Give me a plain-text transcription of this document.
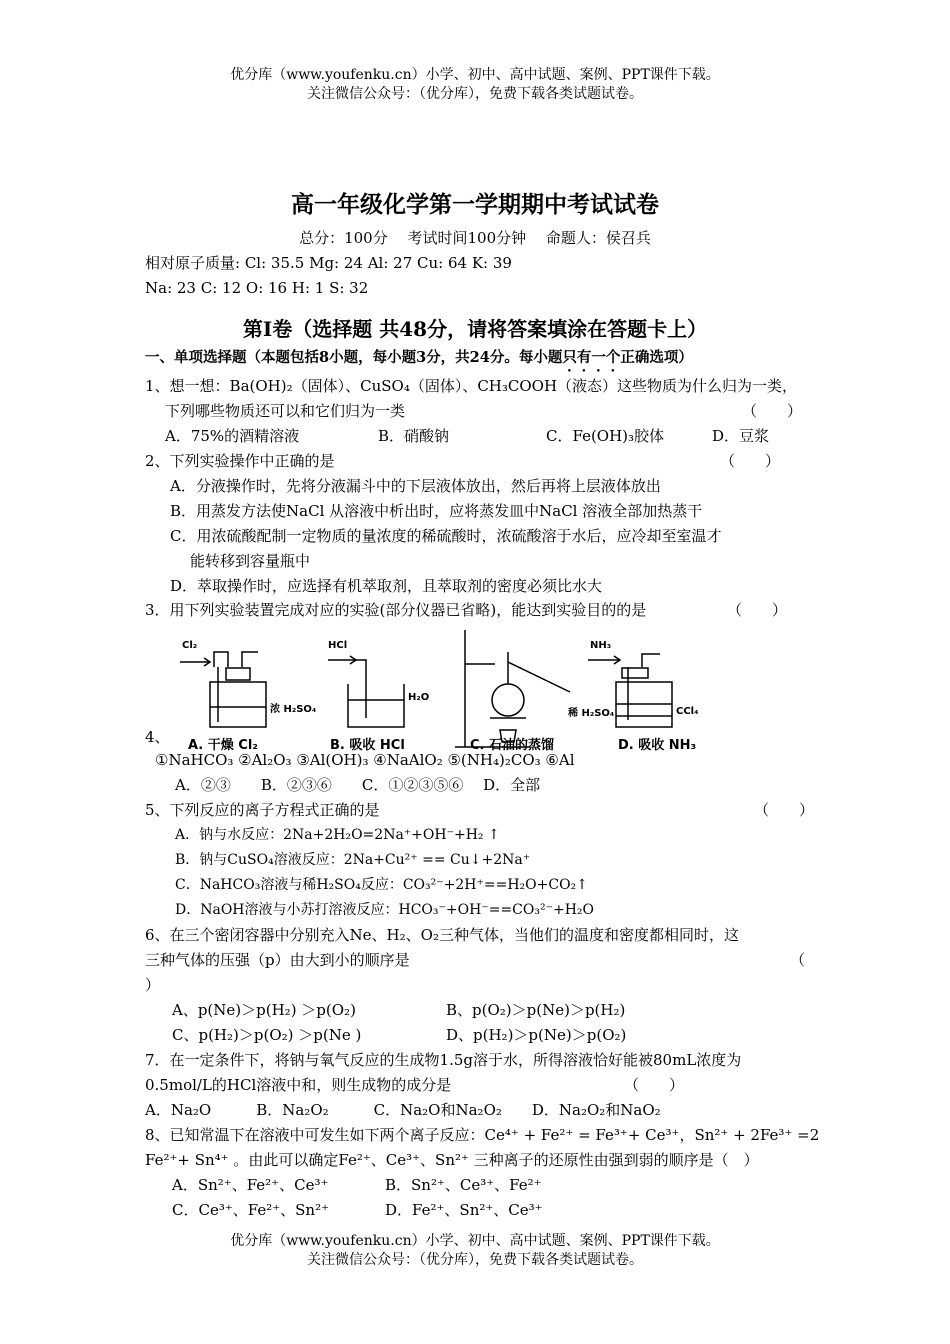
优分库（www.youfenku.cn）小学、初中、高中试题、案例、PPT课件下载。
关注微信公众号：（优分库），免费下载各类试题试卷。
高一年级化学第一学期期中考试试卷
总分：100分　 考试时间100分钟　 命题人：侯召兵
相对原子质量: Cl: 35.5 Mg: 24 Al: 27 Cu: 64 K: 39
Na: 23 C: 12 O: 16 H: 1 S: 32
第Ⅰ卷（选择题 共48分，请将答案填涂在答题卡上）
一、单项选择题（本题包括8小题，每小题3分，共24分。每小题只有一个正确选项）
1、想一想：Ba(OH)₂（固体）、CuSO₄（固体）、CH₃COOH（液态）这些物质为什么归为一类，
下列哪些物质还可以和它们归为一类	（　　）
A．75%的酒精溶液	B．硝酸钠	C．Fe(OH)₃胶体	D．豆浆
2、下列实验操作中正确的是	（　　）
A．分液操作时，先将分液漏斗中的下层液体放出，然后再将上层液体放出
B．用蒸发方法使NaCl 从溶液中析出时，应将蒸发皿中NaCl 溶液全部加热蒸干
C．用浓硫酸配制一定物质的量浓度的稀硫酸时，浓硫酸溶于水后，应冷却至室温才
能转移到容量瓶中
D．萃取操作时，应选择有机萃取剂，且萃取剂的密度必须比水大
3．用下列实验装置完成对应的实验(部分仪器已省略)，能达到实验目的的是	（　　）
Cl₂
浓 H₂SO₄
A. 干燥 Cl₂
HCl
H₂O
B. 吸收 HCl	C. 石油的蒸馏
NH₃
稀 H₂SO₄	CCl₄
D. 吸收 NH₃
4、
①NaHCO₃ ②Al₂O₃ ③Al(OH)₃ ④NaAlO₂ ⑤(NH₄)₂CO₃ ⑥Al
A．②③　　B．②③⑥　　C．①②③⑤⑥　 D．全部
5、下列反应的离子方程式正确的是	（　　）
A．钠与水反应：2Na+2H₂O=2Na⁺+OH⁻+H₂ ↑
B．钠与CuSO₄溶液反应：2Na+Cu²⁺ == Cu↓+2Na⁺
C．NaHCO₃溶液与稀H₂SO₄反应：CO₃²⁻+2H⁺==H₂O+CO₂↑
D．NaOH溶液与小苏打溶液反应：HCO₃⁻+OH⁻==CO₃²⁻+H₂O
6、在三个密闭容器中分别充入Ne、H₂、O₂三种气体，当他们的温度和密度都相同时，这
三种气体的压强（p）由大到小的顺序是	（
）
A、p(Ne)＞p(H₂) ＞p(O₂)	B、p(O₂)＞p(Ne)＞p(H₂)
C、p(H₂)＞p(O₂) ＞p(Ne )	D、p(H₂)＞p(Ne)＞p(O₂)
7．在一定条件下，将钠与氧气反应的生成物1.5g溶于水，所得溶液恰好能被80mL浓度为
0.5mol/L的HCl溶液中和，则生成物的成分是	（　　）
A．Na₂O　　　B．Na₂O₂　　　C．Na₂O和Na₂O₂　　D．Na₂O₂和NaO₂
8、已知常温下在溶液中可发生如下两个离子反应：Ce⁴⁺ + Fe²⁺ = Fe³⁺+ Ce³⁺，Sn²⁺ + 2Fe³⁺ =2
Fe²⁺+ Sn⁴⁺ 。由此可以确定Fe²⁺、Ce³⁺、Sn²⁺ 三种离子的还原性由强到弱的顺序是（　）
A．Sn²⁺、Fe²⁺、Ce³⁺	B．Sn²⁺、Ce³⁺、Fe²⁺
C．Ce³⁺、Fe²⁺、Sn²⁺	D．Fe²⁺、Sn²⁺、Ce³⁺
优分库（www.youfenku.cn）小学、初中、高中试题、案例、PPT课件下载。
关注微信公众号：（优分库），免费下载各类试题试卷。
